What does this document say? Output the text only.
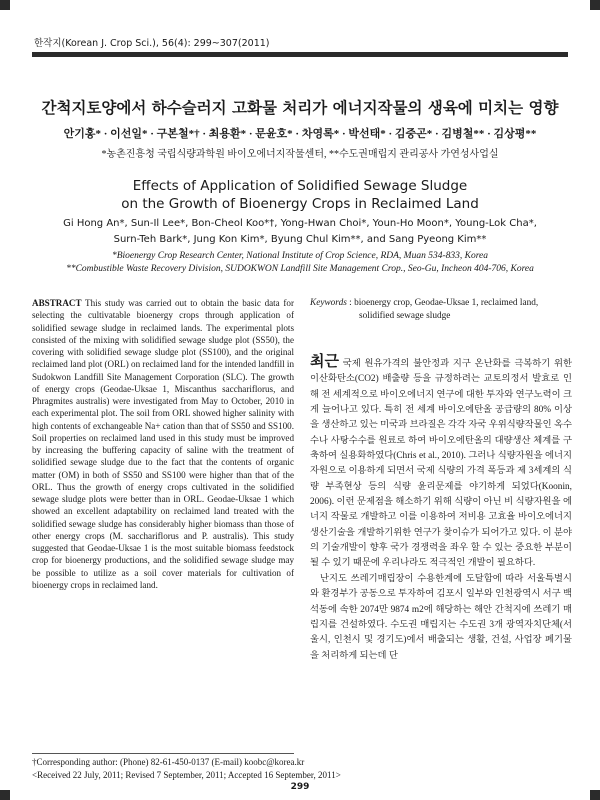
한작지(Korean J. Crop Sci.), 56(4): 299~307(2011)
간척지토양에서 하수슬러지 고화물 처리가 에너지작물의 생육에 미치는 영향
안기홍* · 이선일* · 구본철*† · 최용환* · 문윤호* · 차영록* · 박선태* · 김중곤* · 김병철** · 김상평**
*농촌진흥청 국립식량과학원 바이오에너지작물센터, **수도권매립지 관리공사 가연성사업실
Effects of Application of Solidified Sewage Sludge
on the Growth of Bioenergy Crops in Reclaimed Land
Gi Hong An*, Sun-Il Lee*, Bon-Cheol Koo*†, Yong-Hwan Choi*, Youn-Ho Moon*, Young-Lok Cha*,
Surn-Teh Bark*, Jung Kon Kim*, Byung Chul Kim**, and Sang Pyeong Kim**
*Bioenergy Crop Research Center, National Institute of Crop Science, RDA, Muan 534-833, Korea
**Combustible Waste Recovery Division, SUDOKWON Landfill Site Management Crop., Seo-Gu, Incheon 404-706, Korea
ABSTRACT This study was carried out to obtain the basic data for selecting the cultivatable bioenergy crops through application of solidified sewage sludge in reclaimed lands. The experimental plots consisted of the mixing with solidified sewage sludge plot (SS50), the covering with solidified sewage sludge plot (SS100), and the original reclaimed land plot (ORL) on reclaimed land for the intended landfill in Sudokwon Landfill Site Management Corporation (SLC). The growth of energy crops (Geodae-Uksae 1, Miscanthus sacchariflorus, and Phragmites australis) were investigated from May to October, 2010 in each experimental plot. The soil from ORL showed higher salinity with high contents of exchangeable Na+ cation than that of SS50 and SS100. Soil properties on reclaimed land used in this study must be improved by increasing the buffering capacity of saline with the treatment of solidified sewage sludge due to the fact that the contents of organic matter (OM) in both of SS50 and SS100 were higher than that of the ORL. Thus the growth of energy crops cultivated in the solidified sewage sludge plots were better than in ORL. Geodae-Uksae 1 which showed an excellent adaptability on reclaimed land treated with the solidified sewage sludge has considerably higher biomass than those of other energy crops (M. sacchariflorus and P. australis). This study suggested that Geodae-Uksae 1 is the most suitable biomass feedstock crop for bioenergy productions, and the solidified sewage sludge may be possible to utilize as a soil cover materials for cultivation of bioenergy crops in reclaimed land.
Keywords : bioenergy crop, Geodae-Uksae 1, reclaimed land,
solidified sewage sludge
최근 국제 원유가격의 불안정과 지구 온난화를 극복하기 위한 이산화탄소(CO2) 배출량 등을 규정하려는 교토의정서 발효로 인해 전 세계적으로 바이오에너지 연구에 대한 투자와 연구노력이 크게 늘어나고 있다. 특히 전 세계 바이오에탄올 공급량의 80% 이상을 생산하고 있는 미국과 브라질은 각각 자국 우위식량작물인 옥수수나 사탕수수를 원료로 하여 바이오에탄올의 대량생산 체계를 구축하여 실용화하였다(Chris et al., 2010). 그러나 식량자원을 에너지자원으로 이용하게 되면서 국제 식량의 가격 폭등과 제 3세계의 식량 부족현상 등의 식량 윤리문제를 야기하게 되었다(Koonin, 2006). 이런 문제점을 해소하기 위해 식량이 아닌 비 식량자원을 에너지 작물로 개발하고 이를 이용하여 저비용 고효율 바이오에너지 생산기술을 개발하기위한 연구가 찾이슈가 되어가고 있다. 이 분야의 기술개발이 향후 국가 경쟁력을 좌우 할 수 있는 중요한 부분이 될 수 있기 때문에 우리나라도 적극적인 개발이 필요하다.
난지도 쓰레기매립장이 수용한계에 도달함에 따라 서울특별시와 환경부가 공동으로 투자하여 김포시 일부와 인천광역시 서구 백석동에 속한 2074만 9874 m2에 해당하는 해안 간척지에 쓰레기 매립지를 건설하였다. 수도권 매립지는 수도권 3개 광역자치단체(서울시, 인천시 및 경기도)에서 배출되는 생활, 건설, 사업장 폐기물을 처리하게 되는데 단
†Corresponding author: (Phone) 82-61-450-0137 (E-mail) koobc@korea.kr
<Received 22 July, 2011; Revised 7 September, 2011; Accepted 16 September, 2011>
299
